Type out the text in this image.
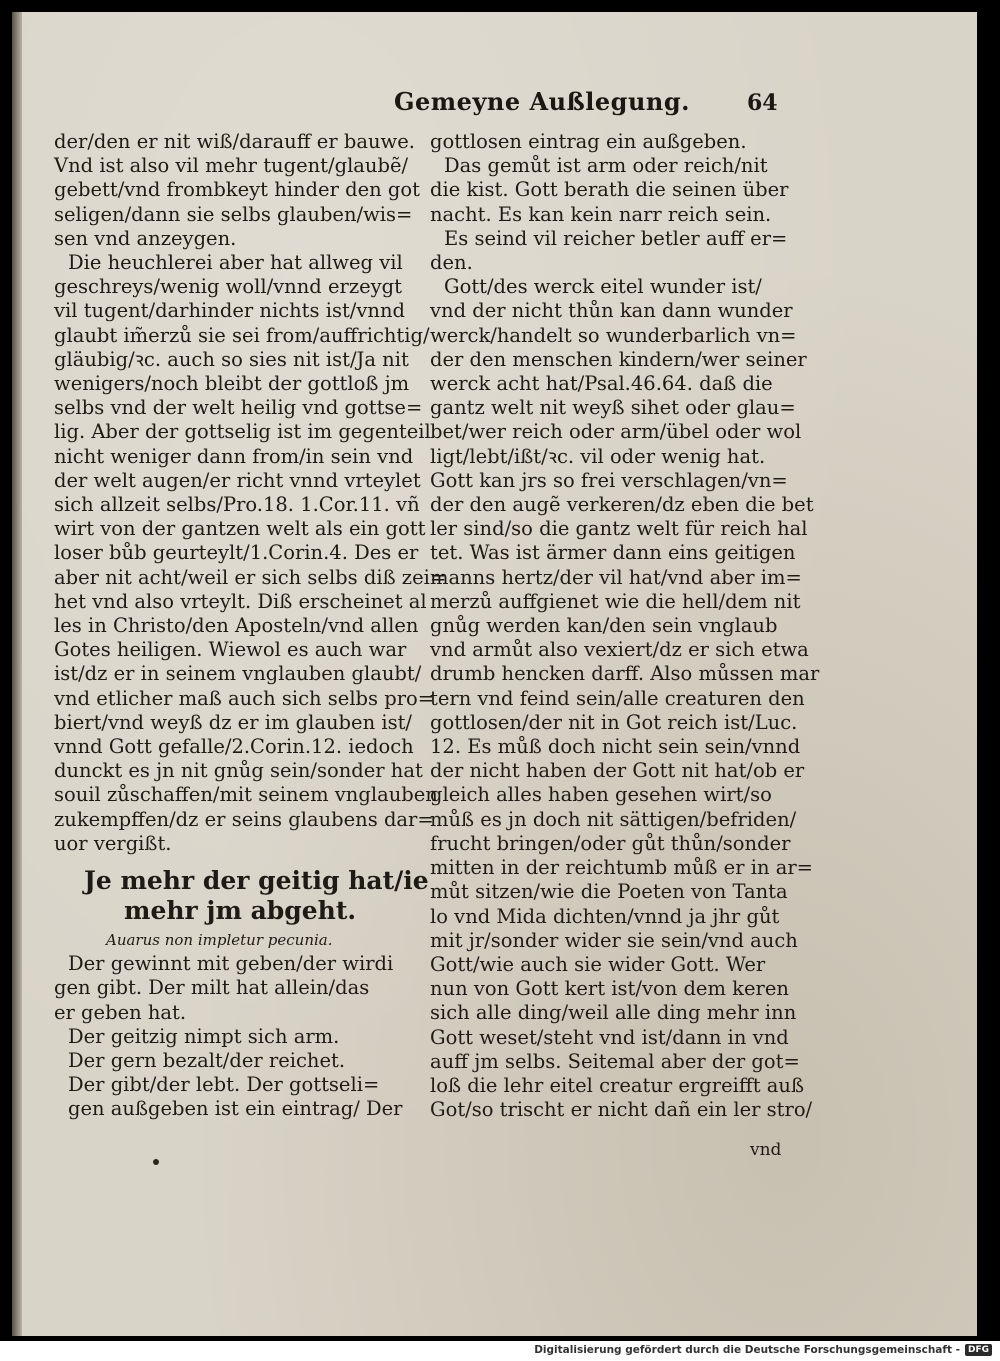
Gemeyne Außlegung.	64
der/den er nit wiß/darauff er bauwe.
Vnd ist also vil mehr tugent/glaubẽ/
gebett/vnd frombkeyt hinder den got
seligen/dann sie selbs glauben/wis=
sen vnd anzeygen.
Die heuchlerei aber hat allweg vil
geschreys/wenig woll/vnnd erzeygt
vil tugent/darhinder nichts ist/vnnd
glaubt im̃erzů sie sei from/auffrichtig/
gläubig/ꝛc. auch so sies nit ist/Ja nit
wenigers/noch bleibt der gottloß jm
selbs vnd der welt heilig vnd gottse=
lig. Aber der gottselig ist im gegenteil
nicht weniger dann from/in sein vnd
der welt augen/er richt vnnd vrteylet
sich allzeit selbs/Pro.18. 1.Cor.11. vñ
wirt von der gantzen welt als ein gott
loser bůb geurteylt/1.Corin.4. Des er
aber nit acht/weil er sich selbs diß zei=
het vnd also vrteylt. Diß erscheinet al
les in Christo/den Aposteln/vnd allen
Gotes heiligen. Wiewol es auch war
ist/dz er in seinem vnglauben glaubt/
vnd etlicher maß auch sich selbs pro=
biert/vnd weyß dz er im glauben ist/
vnnd Gott gefalle/2.Corin.12. iedoch
dunckt es jn nit gnůg sein/sonder hat
souil zůschaffen/mit seinem vnglauben
zukempffen/dz er seins glaubens dar=
uor vergißt.
Je mehr der geitig hat/ie
mehr jm abgeht.
Auarus non impletur pecunia.
Der gewinnt mit geben/der wirdi
gen gibt. Der milt hat allein/das
er geben hat.
Der geitzig nimpt sich arm.
Der gern bezalt/der reichet.
Der gibt/der lebt. Der gottseli=
gen außgeben ist ein eintrag/ Der
gottlosen eintrag ein außgeben.
Das gemůt ist arm oder reich/nit
die kist. Gott berath die seinen über
nacht. Es kan kein narr reich sein.
Es seind vil reicher betler auff er=
den.
Gott/des werck eitel wunder ist/
vnd der nicht thůn kan dann wunder
werck/handelt so wunderbarlich vn=
der den menschen kindern/wer seiner
werck acht hat/Psal.46.64. daß die
gantz welt nit weyß sihet oder glau=
bet/wer reich oder arm/übel oder wol
ligt/lebt/ißt/ꝛc. vil oder wenig hat.
Gott kan jrs so frei verschlagen/vn=
der den augẽ verkeren/dz eben die bet
ler sind/so die gantz welt für reich hal
tet. Was ist ärmer dann eins geitigen
manns hertz/der vil hat/vnd aber im=
merzů auffgienet wie die hell/dem nit
gnůg werden kan/den sein vnglaub
vnd armůt also vexiert/dz er sich etwa
drumb hencken darff. Also můssen mar
tern vnd feind sein/alle creaturen den
gottlosen/der nit in Got reich ist/Luc.
12. Es můß doch nicht sein sein/vnnd
der nicht haben der Gott nit hat/ob er
gleich alles haben gesehen wirt/so
můß es jn doch nit sättigen/befriden/
frucht bringen/oder gůt thůn/sonder
mitten in der reichtumb můß er in ar=
můt sitzen/wie die Poeten von Tanta
lo vnd Mida dichten/vnnd ja jhr gůt
mit jr/sonder wider sie sein/vnd auch
Gott/wie auch sie wider Gott. Wer
nun von Gott kert ist/von dem keren
sich alle ding/weil alle ding mehr inn
Gott weset/steht vnd ist/dann in vnd
auff jm selbs. Seitemal aber der got=
loß die lehr eitel creatur ergreifft auß
Got/so trischt er nicht dañ ein ler stro/
vnd
Digitalisierung gefördert durch die Deutsche Forschungsgemeinschaft - DFG
